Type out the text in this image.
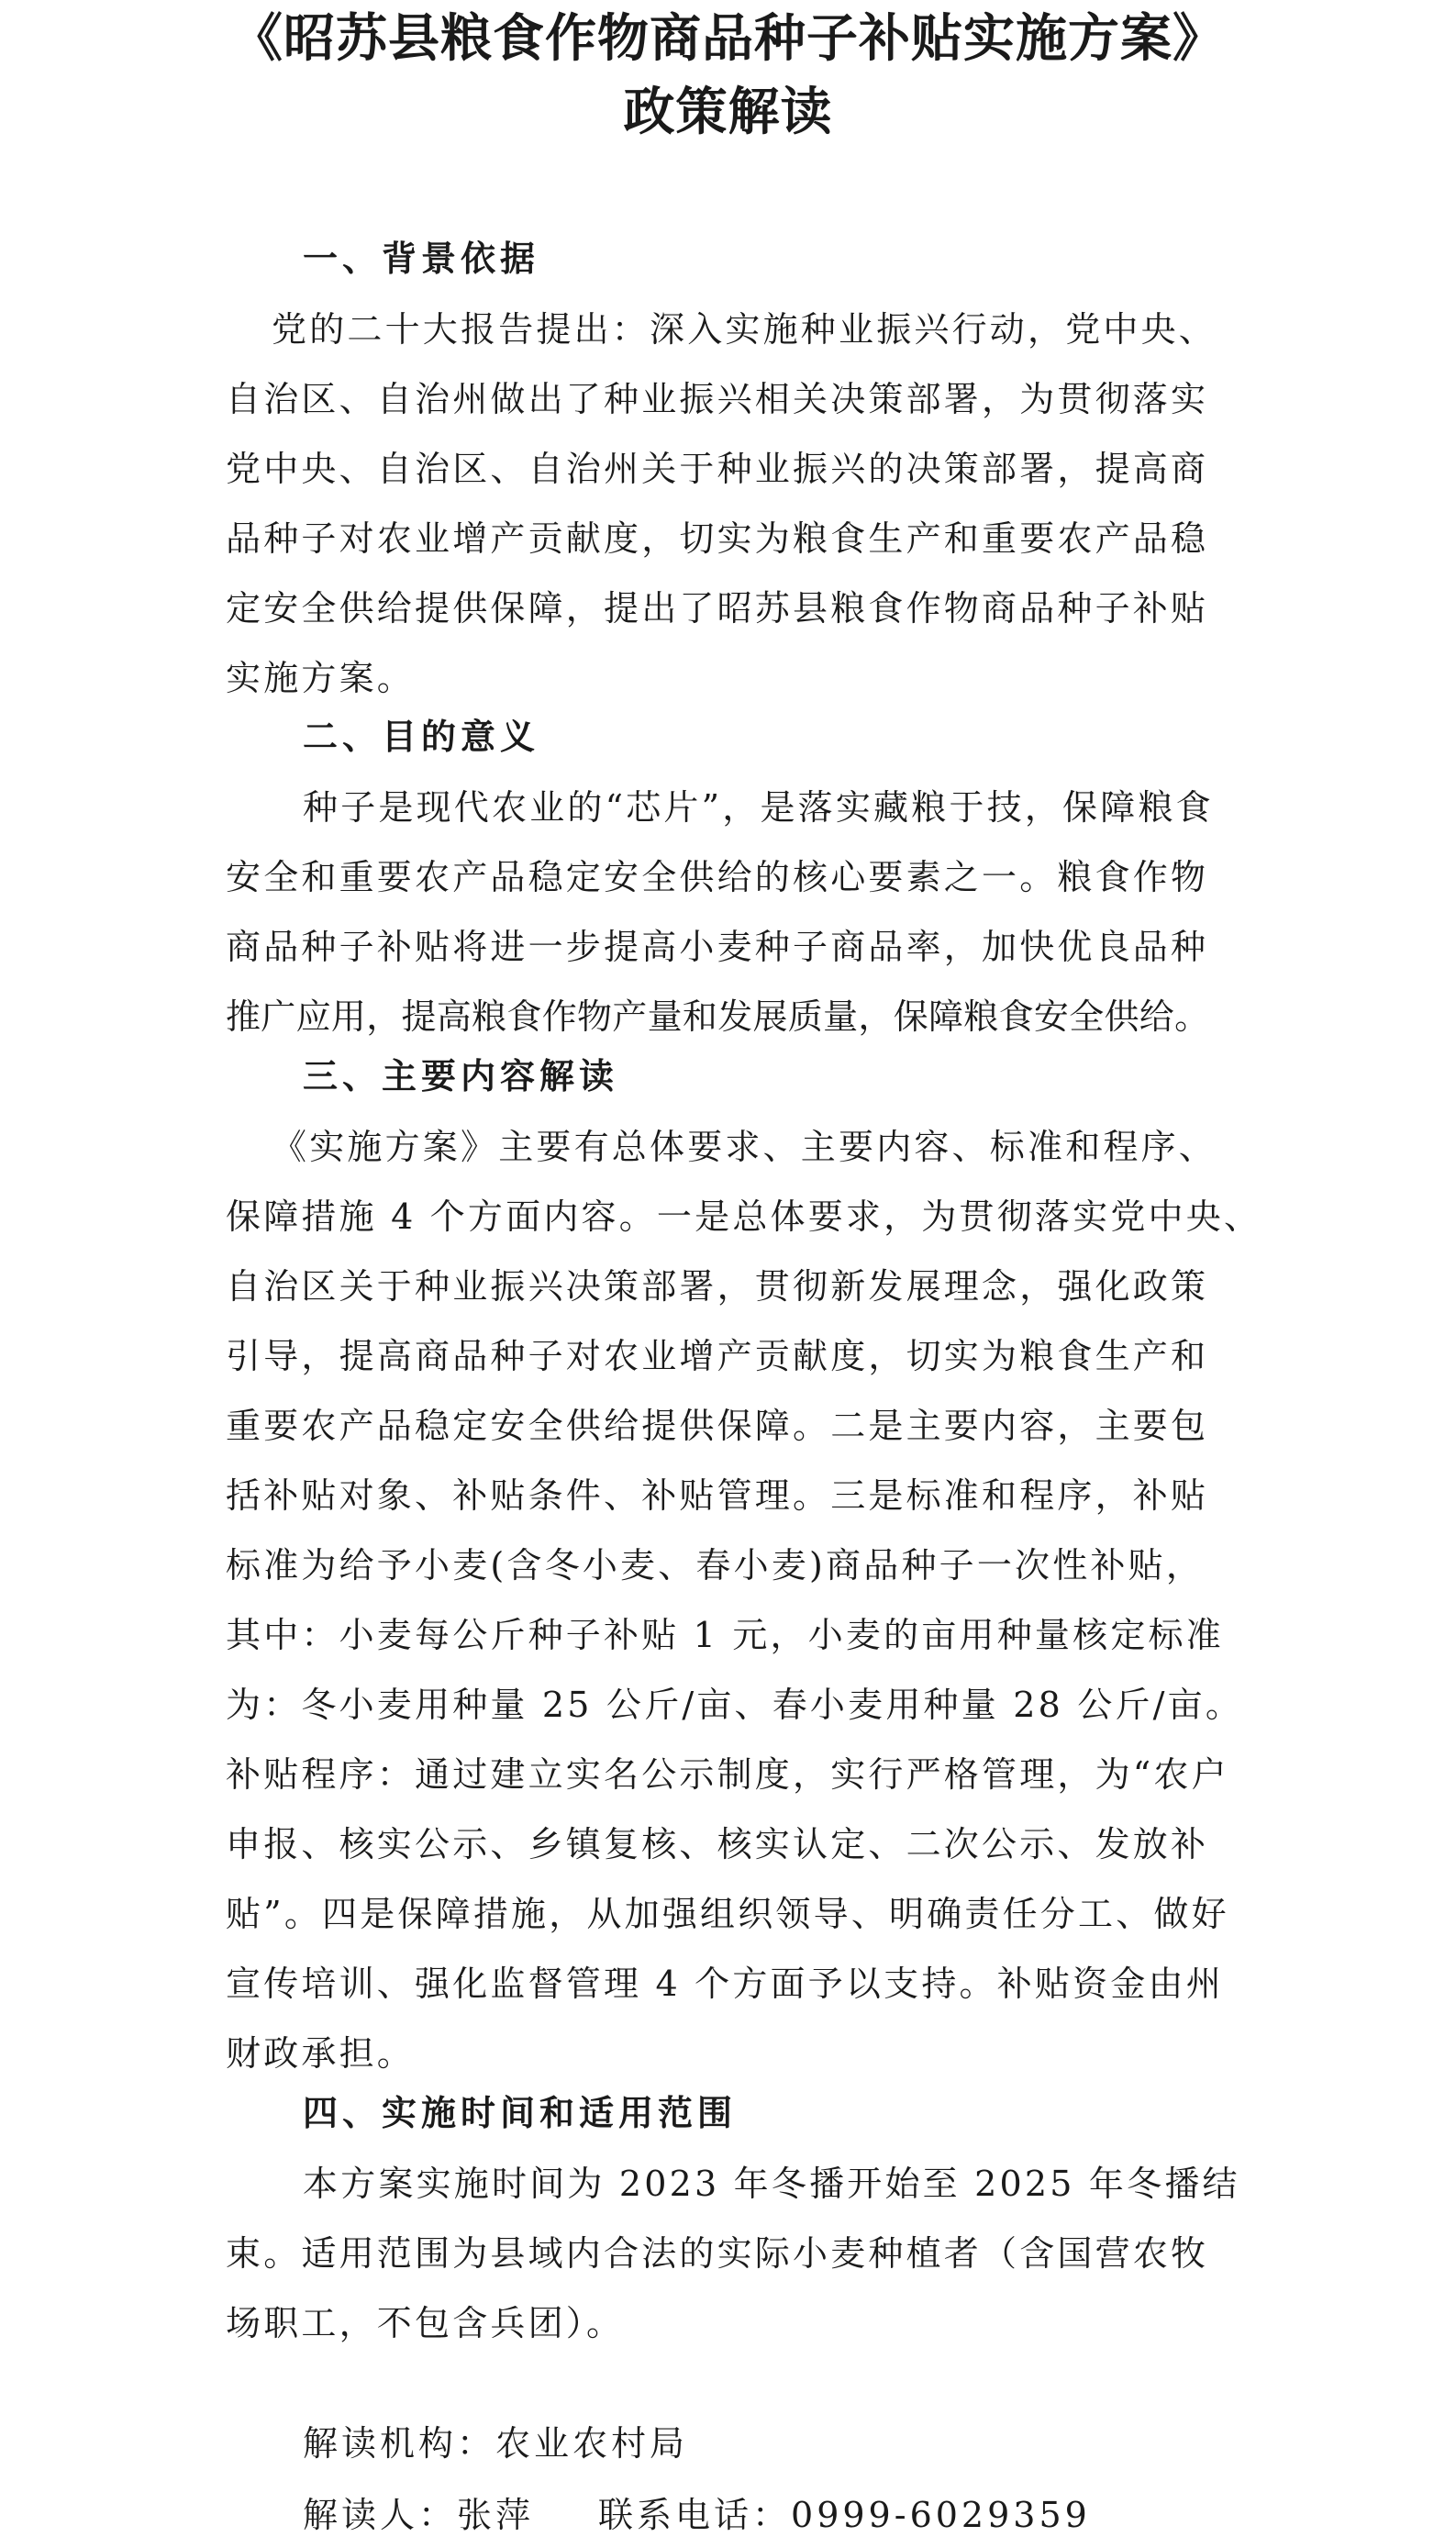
《昭苏县粮食作物商品种子补贴实施方案》
政策解读
一、背景依据
党的二十大报告提出：深入实施种业振兴行动，党中央、
自治区、自治州做出了种业振兴相关决策部署，为贯彻落实
党中央、自治区、自治州关于种业振兴的决策部署，提高商
品种子对农业增产贡献度，切实为粮食生产和重要农产品稳
定安全供给提供保障，提出了昭苏县粮食作物商品种子补贴
实施方案。
二、目的意义
种子是现代农业的“芯片”，是落实藏粮于技，保障粮食
安全和重要农产品稳定安全供给的核心要素之一。粮食作物
商品种子补贴将进一步提高小麦种子商品率，加快优良品种
推广应用，提高粮食作物产量和发展质量，保障粮食安全供给。
三、主要内容解读
《实施方案》主要有总体要求、主要内容、标准和程序、
保障措施 4 个方面内容。一是总体要求，为贯彻落实党中央、
自治区关于种业振兴决策部署，贯彻新发展理念，强化政策
引导，提高商品种子对农业增产贡献度，切实为粮食生产和
重要农产品稳定安全供给提供保障。二是主要内容，主要包
括补贴对象、补贴条件、补贴管理。三是标准和程序，补贴
标准为给予小麦(含冬小麦、春小麦)商品种子一次性补贴，
其中：小麦每公斤种子补贴 1 元，小麦的亩用种量核定标准
为：冬小麦用种量 25 公斤/亩、春小麦用种量 28 公斤/亩。
补贴程序：通过建立实名公示制度，实行严格管理，为“农户
申报、核实公示、乡镇复核、核实认定、二次公示、发放补
贴”。四是保障措施，从加强组织领导、明确责任分工、做好
宣传培训、强化监督管理 4 个方面予以支持。补贴资金由州
财政承担。
四、实施时间和适用范围
本方案实施时间为 2023 年冬播开始至 2025 年冬播结
束。适用范围为县域内合法的实际小麦种植者（含国营农牧
场职工，不包含兵团）。
解读机构：农业农村局
解读人：张萍 联系电话：0999-6029359
